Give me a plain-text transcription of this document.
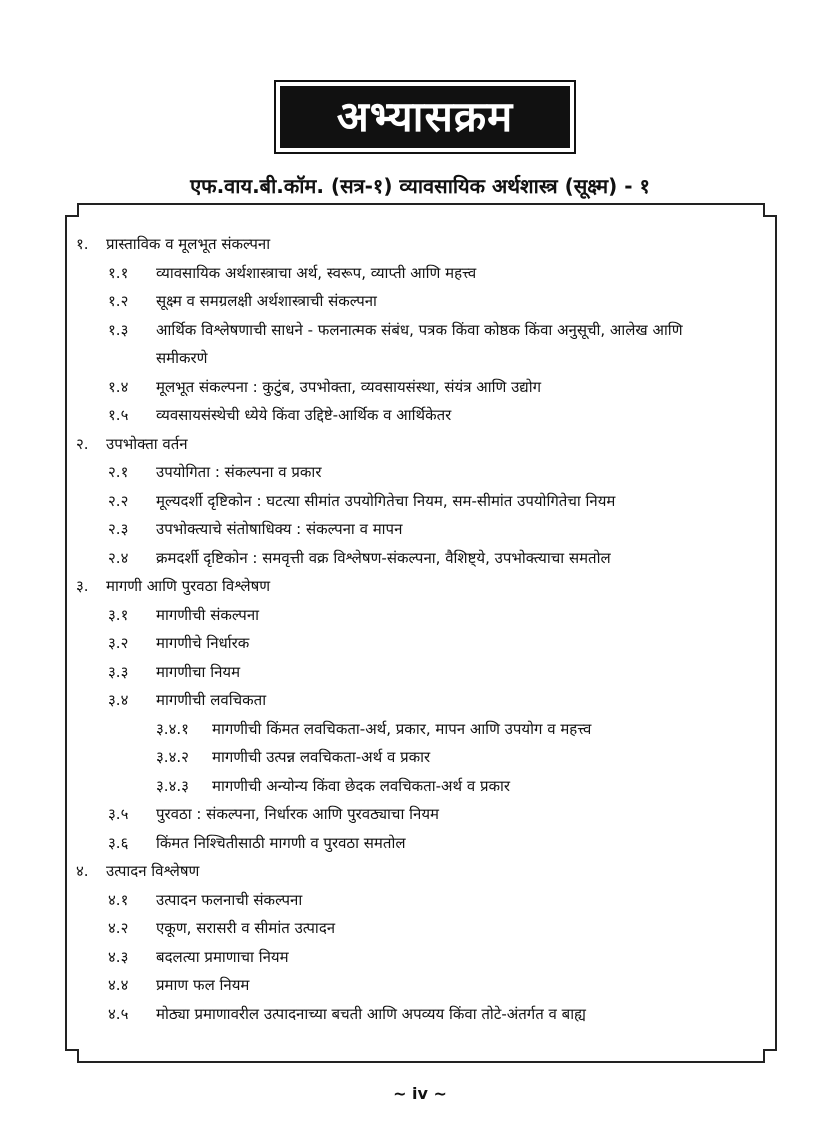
अभ्यासक्रम
एफ.वाय.बी.कॉम. (सत्र-१) व्यावसायिक अर्थशास्त्र (सूक्ष्म) - १
१. प्रास्ताविक व मूलभूत संकल्पना
१.१ व्यावसायिक अर्थशास्त्राचा अर्थ, स्वरूप, व्याप्ती आणि महत्त्व
१.२ सूक्ष्म व समग्रलक्षी अर्थशास्त्राची संकल्पना
१.३ आर्थिक विश्लेषणाची साधने - फलनात्मक संबंध, पत्रक किंवा कोष्ठक किंवा अनुसूची, आलेख आणि
समीकरणे
१.४ मूलभूत संकल्पना : कुटुंब, उपभोक्ता, व्यवसायसंस्था, संयंत्र आणि उद्योग
१.५ व्यवसायसंस्थेची ध्येये किंवा उद्दिष्टे-आर्थिक व आर्थिकेतर
२. उपभोक्ता वर्तन
२.१ उपयोगिता : संकल्पना व प्रकार
२.२ मूल्यदर्शी दृष्टिकोन : घटत्या सीमांत उपयोगितेचा नियम, सम-सीमांत उपयोगितेचा नियम
२.३ उपभोक्त्याचे संतोषाधिक्य : संकल्पना व मापन
२.४ क्रमदर्शी दृष्टिकोन : समवृत्ती वक्र विश्लेषण-संकल्पना, वैशिष्ट्ये, उपभोक्त्याचा समतोल
३. मागणी आणि पुरवठा विश्लेषण
३.१ मागणीची संकल्पना
३.२ मागणीचे निर्धारक
३.३ मागणीचा नियम
३.४ मागणीची लवचिकता
३.४.१ मागणीची किंमत लवचिकता-अर्थ, प्रकार, मापन आणि उपयोग व महत्त्व
३.४.२ मागणीची उत्पन्न लवचिकता-अर्थ व प्रकार
३.४.३ मागणीची अन्योन्य किंवा छेदक लवचिकता-अर्थ व प्रकार
३.५ पुरवठा : संकल्पना, निर्धारक आणि पुरवठ्याचा नियम
३.६ किंमत निश्चितीसाठी मागणी व पुरवठा समतोल
४. उत्पादन विश्लेषण
४.१ उत्पादन फलनाची संकल्पना
४.२ एकूण, सरासरी व सीमांत उत्पादन
४.३ बदलत्या प्रमाणाचा नियम
४.४ प्रमाण फल नियम
४.५ मोठ्या प्रमाणावरील उत्पादनाच्या बचती आणि अपव्यय किंवा तोटे-अंतर्गत व बाह्य
~ iv ~
